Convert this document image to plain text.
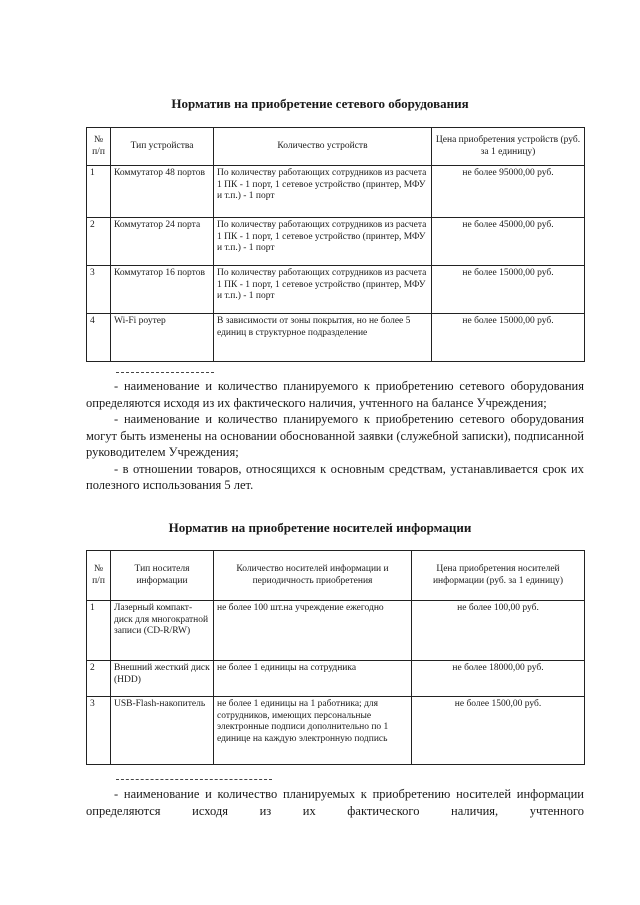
Норматив на приобретение сетевого оборудования
№ п/п	Тип устройства	Количество устройств	Цена приобретения устройств (руб. за 1 единицу)
1	Коммутатор 48 портов	По количеству работающих сотрудников из расчета 1 ПК - 1 порт, 1 сетевое устройство (принтер, МФУ и т.п.) - 1 порт	не более 95000,00 руб.
2	Коммутатор 24 порта	По количеству работающих сотрудников из расчета 1 ПК - 1 порт, 1 сетевое устройство (принтер, МФУ и т.п.) - 1 порт	не более 45000,00 руб.
3	Коммутатор 16 портов	По количеству работающих сотрудников из расчета 1 ПК - 1 порт, 1 сетевое устройство (принтер, МФУ и т.п.) - 1 порт	не более 15000,00 руб.
4	Wi-Fi роутер	В зависимости от зоны покрытия, но не более 5 единиц в структурное подразделение	не более 15000,00 руб.

- наименование и количество планируемого к приобретению сетевого оборудования определяются исходя из их фактического наличия, учтенного на балансе Учреждения;

- наименование и количество планируемого к приобретению сетевого оборудования могут быть изменены на основании обоснованной заявки (служебной записки), подписанной руководителем Учреждения;

- в отношении товаров, относящихся к основным средствам, устанавливается срок их полезного использования 5 лет.

Норматив на приобретение носителей информации
№ п/п	Тип носителя информации	Количество носителей информации и периодичность приобретения	Цена приобретения носителей информации (руб. за 1 единицу)
1	Лазерный компакт-диск для многократной записи (CD-R/RW)	не более 100 шт.на учреждение ежегодно	не более 100,00 руб.
2	Внешний жесткий диск (HDD)	не более 1 единицы на сотрудника	не более 18000,00 руб.
3	USB-Flash-накопитель	не более 1 единицы на 1 работника; для сотрудников, имеющих персональные электронные подписи дополнительно по 1 единице на каждую электронную подпись	не более 1500,00 руб.

- наименование и количество планируемых к приобретению носителей информации определяются исходя из их фактического наличия, учтенного
